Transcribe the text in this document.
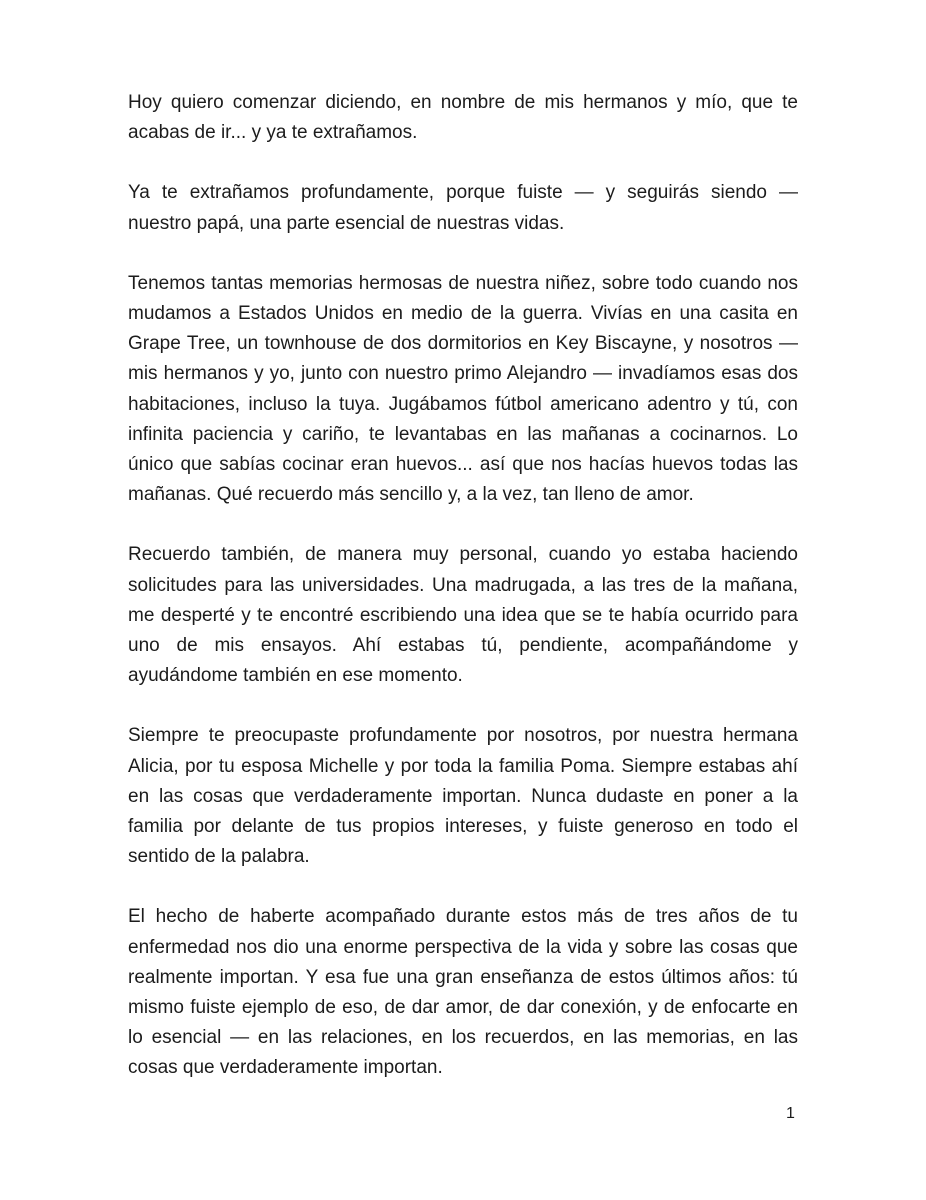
Hoy quiero comenzar diciendo, en nombre de mis hermanos y mío, que te acabas de ir... y ya te extrañamos.

Ya te extrañamos profundamente, porque fuiste — y seguirás siendo — nuestro papá, una parte esencial de nuestras vidas.

Tenemos tantas memorias hermosas de nuestra niñez, sobre todo cuando nos mudamos a Estados Unidos en medio de la guerra. Vivías en una casita en Grape Tree, un townhouse de dos dormitorios en Key Biscayne, y nosotros — mis hermanos y yo, junto con nuestro primo Alejandro — invadíamos esas dos habitaciones, incluso la tuya. Jugábamos fútbol americano adentro y tú, con infinita paciencia y cariño, te levantabas en las mañanas a cocinarnos. Lo único que sabías cocinar eran huevos... así que nos hacías huevos todas las mañanas. Qué recuerdo más sencillo y, a la vez, tan lleno de amor.

Recuerdo también, de manera muy personal, cuando yo estaba haciendo solicitudes para las universidades. Una madrugada, a las tres de la mañana, me desperté y te encontré escribiendo una idea que se te había ocurrido para uno de mis ensayos. Ahí estabas tú, pendiente, acompañándome y ayudándome también en ese momento.

Siempre te preocupaste profundamente por nosotros, por nuestra hermana Alicia, por tu esposa Michelle y por toda la familia Poma. Siempre estabas ahí en las cosas que verdaderamente importan. Nunca dudaste en poner a la familia por delante de tus propios intereses, y fuiste generoso en todo el sentido de la palabra.

El hecho de haberte acompañado durante estos más de tres años de tu enfermedad nos dio una enorme perspectiva de la vida y sobre las cosas que realmente importan. Y esa fue una gran enseñanza de estos últimos años: tú mismo fuiste ejemplo de eso, de dar amor, de dar conexión, y de enfocarte en lo esencial — en las relaciones, en los recuerdos, en las memorias, en las cosas que verdaderamente importan.

1
